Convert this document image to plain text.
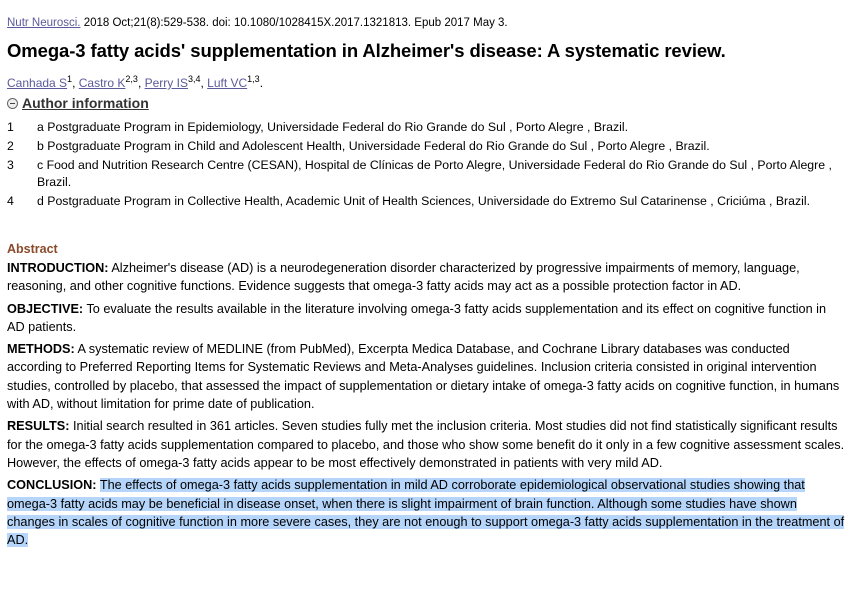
Nutr Neurosci. 2018 Oct;21(8):529-538. doi: 10.1080/1028415X.2017.1321813. Epub 2017 May 3.
Omega-3 fatty acids' supplementation in Alzheimer's disease: A systematic review.
Canhada $S^1$, Castro K$^{2,3}$, Perry IS$^{3,4}$, Luft VC$^{1,3}$.
Author information
1	a Postgraduate Program in Epidemiology, Universidade Federal do Rio Grande do Sul , Porto Alegre , Brazil.
2	b Postgraduate Program in Child and Adolescent Health, Universidade Federal do Rio Grande do Sul , Porto Alegre , Brazil.
3	c Food and Nutrition Research Centre (CESAN), Hospital de Clínicas de Porto Alegre, Universidade Federal do Rio Grande do Sul , Porto Alegre , Brazil.
4	d Postgraduate Program in Collective Health, Academic Unit of Health Sciences, Universidade do Extremo Sul Catarinense , Criciúma , Brazil.
Abstract

INTRODUCTION: Alzheimer's disease (AD) is a neurodegeneration disorder characterized by progressive impairments of memory, language, reasoning, and other cognitive functions. Evidence suggests that omega-3 fatty acids may act as a possible protection factor in AD.

OBJECTIVE: To evaluate the results available in the literature involving omega-3 fatty acids supplementation and its effect on cognitive function in AD patients.

METHODS: A systematic review of MEDLINE (from PubMed), Excerpta Medica Database, and Cochrane Library databases was conducted according to Preferred Reporting Items for Systematic Reviews and Meta-Analyses guidelines. Inclusion criteria consisted in original intervention studies, controlled by placebo, that assessed the impact of supplementation or dietary intake of omega-3 fatty acids on cognitive function, in humans with AD, without limitation for prime date of publication.

RESULTS: Initial search resulted in 361 articles. Seven studies fully met the inclusion criteria. Most studies did not find statistically significant results for the omega-3 fatty acids supplementation compared to placebo, and those who show some benefit do it only in a few cognitive assessment scales. However, the effects of omega-3 fatty acids appear to be most effectively demonstrated in patients with very mild AD.

CONCLUSION: The effects of omega-3 fatty acids supplementation in mild AD corroborate epidemiological observational studies showing that omega-3 fatty acids may be beneficial in disease onset, when there is slight impairment of brain function. Although some studies have shown changes in scales of cognitive function in more severe cases, they are not enough to support omega-3 fatty acids supplementation in the treatment of AD.
